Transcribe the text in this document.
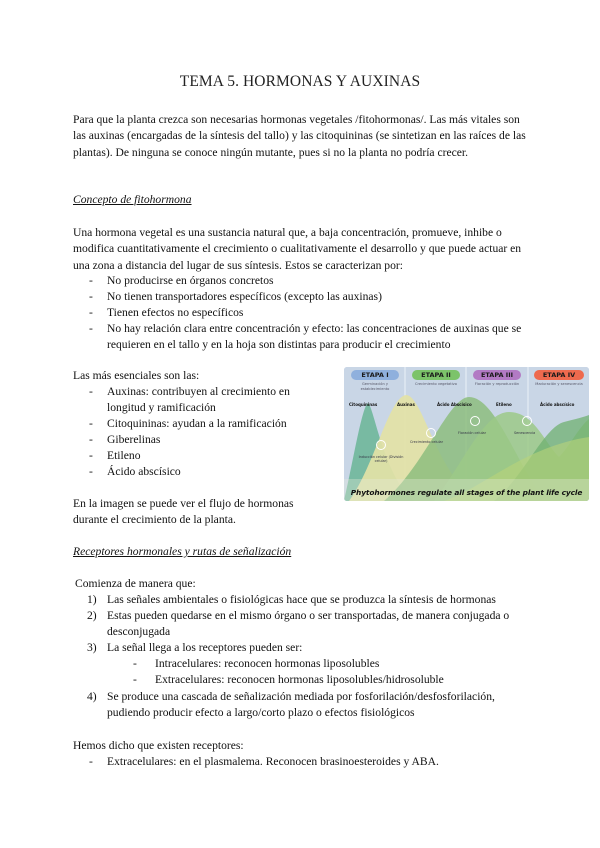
TEMA 5. HORMONAS Y AUXINAS
Para que la planta crezca son necesarias hormonas vegetales /fitohormonas/. Las más vitales son las auxinas (encargadas de la síntesis del tallo) y las citoquininas (se sintetizan en las raíces de las plantas). De ninguna se conoce ningún mutante, pues si no la planta no podría crecer.
Concepto de fitohormona
Una hormona vegetal es una sustancia natural que, a baja concentración, promueve, inhibe o modifica cuantitativamente el crecimiento o cualitativamente el desarrollo y que puede actuar en una zona a distancia del lugar de sus síntesis. Estos se caracterizan por:
- No producirse en órganos concretos
- No tienen transportadores específicos (excepto las auxinas)
- Tienen efectos no específicos
- No hay relación clara entre concentración y efecto: las concentraciones de auxinas que se requieren en el tallo y en la hoja son distintas para producir el crecimiento
Las más esenciales son las:
- Auxinas: contribuyen al crecimiento en longitud y ramificación
- Citoquininas: ayudan a la ramificación
- Giberelinas
- Etileno
- Ácido abscísico
En la imagen se puede ver el flujo de hormonas durante el crecimiento de la planta.
ETAPA I	ETAPA II	ETAPA III	ETAPA IV
Germinación y establecimiento
Crecimiento vegetativo	Floración y reproducción	Maduración y senescencia
Citoquininas	Auxinas	Ácido Abscísico	Etileno	Ácido abscísico
Inducción celular (División celular)
Crecimiento celular
Floración celular	Senescencia
Phytohormones regulate all stages of the plant life cycle
Receptores hormonales y rutas de señalización
Comienza de manera que:
1) Las señales ambientales o fisiológicas hace que se produzca la síntesis de hormonas
2) Estas pueden quedarse en el mismo órgano o ser transportadas, de manera conjugada o desconjugada
3) La señal llega a los receptores pueden ser:
- Intracelulares: reconocen hormonas liposolubles
- Extracelulares: reconocen hormonas liposolubles/hidrosoluble
4) Se produce una cascada de señalización mediada por fosforilación/desfosforilación, pudiendo producir efecto a largo/corto plazo o efectos fisiológicos
Hemos dicho que existen receptores:
- Extracelulares: en el plasmalema. Reconocen brasinoesteroides y ABA.
